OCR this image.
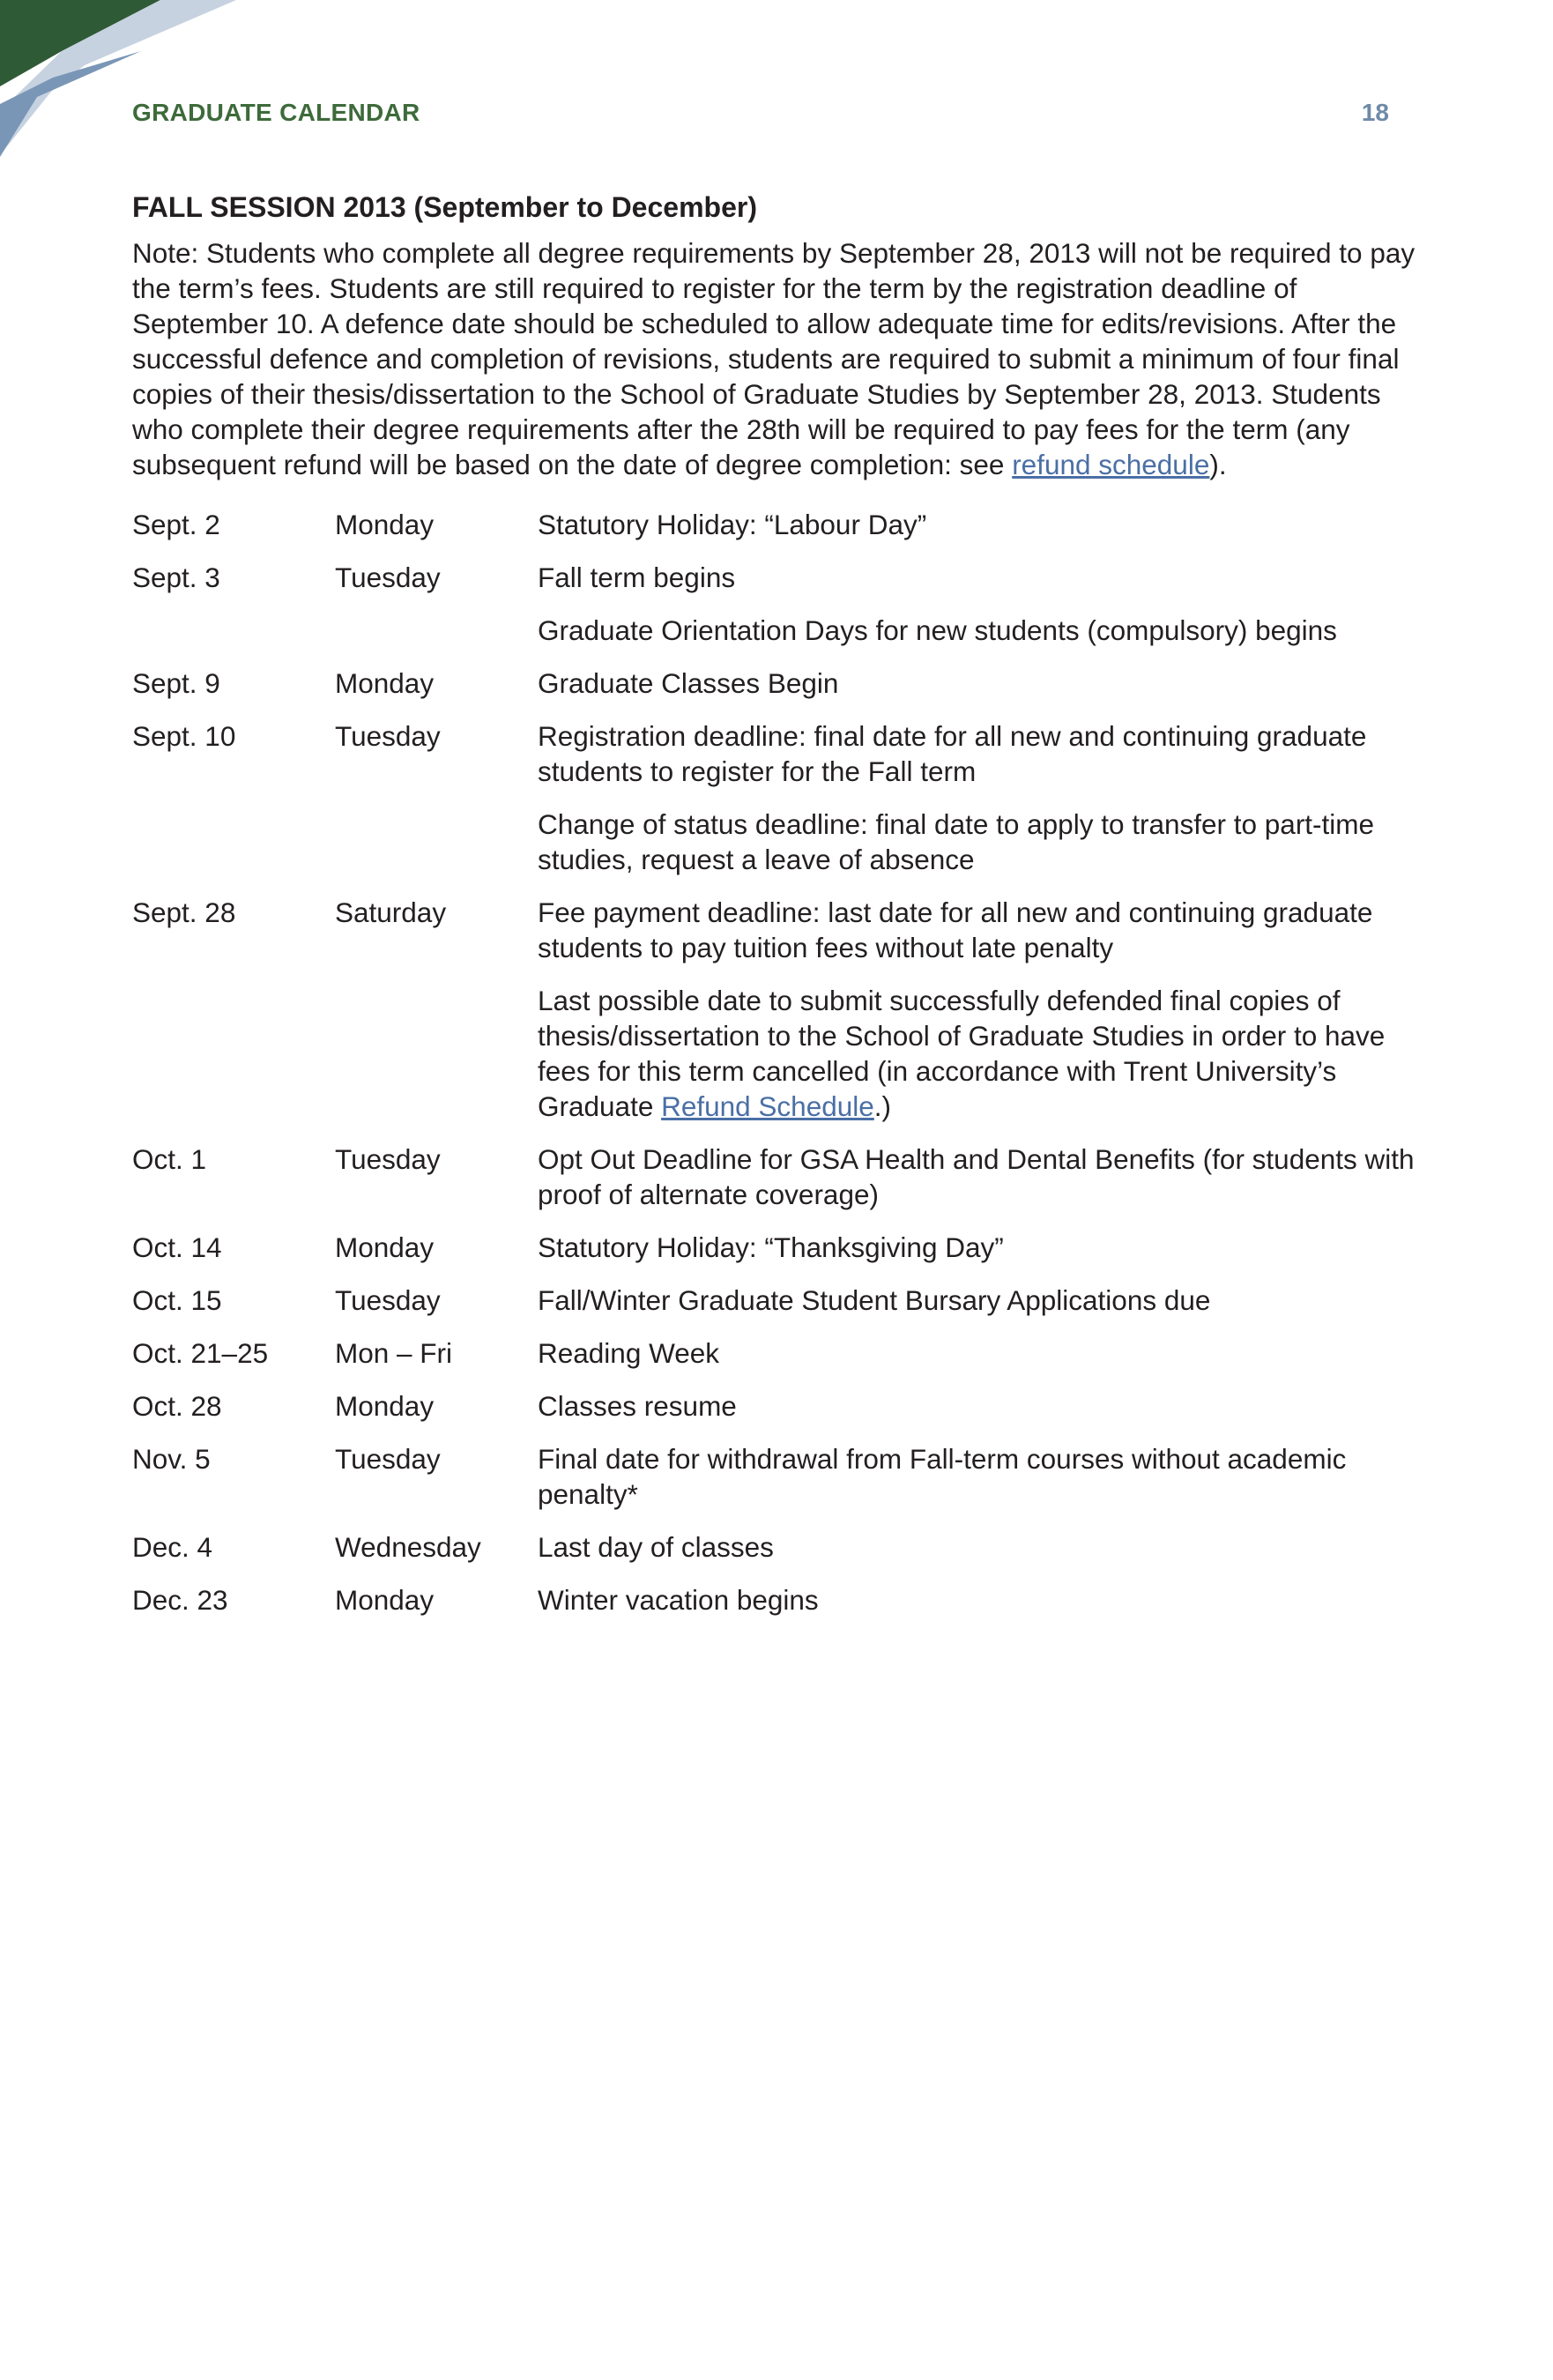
GRADUATE CALENDAR	18
FALL SESSION 2013 (September to December)

Note: Students who complete all degree requirements by September 28, 2013 will not be required to pay the term’s fees. Students are still required to register for the term by the registration deadline of September 10. A defence date should be scheduled to allow adequate time for edits/revisions. After the successful defence and completion of revisions, students are required to submit a minimum of four final copies of their thesis/dissertation to the School of Graduate Studies by September 28, 2013. Students who complete their degree requirements after the 28th will be required to pay fees for the term (any subsequent refund will be based on the date of degree completion: see refund schedule).

Sept. 2	Monday	Statutory Holiday: “Labour Day”
Sept. 3	Tuesday	Fall term begins
Graduate Orientation Days for new students (compulsory) begins
Sept. 9	Monday	Graduate Classes Begin
Sept. 10	Tuesday	Registration deadline: final date for all new and continuing graduate students to register for the Fall term
Change of status deadline: final date to apply to transfer to part-time studies, request a leave of absence
Sept. 28	Saturday	Fee payment deadline: last date for all new and continuing graduate students to pay tuition fees without late penalty
Last possible date to submit successfully defended final copies of thesis/dissertation to the School of Graduate Studies in order to have fees for this term cancelled (in accordance with Trent University’s Graduate Refund Schedule.)
Oct. 1	Tuesday	Opt Out Deadline for GSA Health and Dental Benefits (for students with proof of alternate coverage)
Oct. 14	Monday	Statutory Holiday: “Thanksgiving Day”
Oct. 15	Tuesday	Fall/Winter Graduate Student Bursary Applications due
Oct. 21–25	Mon – Fri	Reading Week
Oct. 28	Monday	Classes resume
Nov. 5	Tuesday	Final date for withdrawal from Fall-term courses without academic penalty*
Dec. 4	Wednesday	Last day of classes
Dec. 23	Monday	Winter vacation begins
